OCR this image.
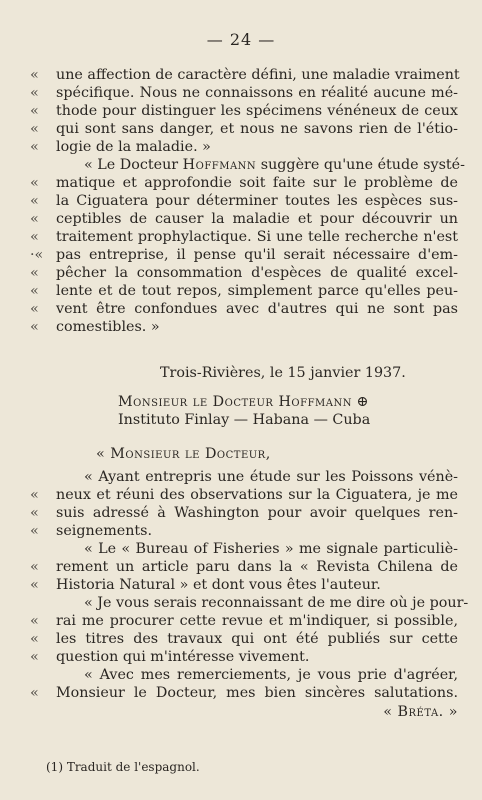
— 24 —
«	une affection de caractère défini, une maladie vraiment
«	spécifique. Nous ne connaissons en réalité aucune mé-
«	thode pour distinguer les spécimens vénéneux de ceux
«	qui sont sans danger, et nous ne savons rien de l'étio-
«	logie de la maladie. »
« Le Docteur Hoffmann suggère qu'une étude systé-
«	matique et approfondie soit faite sur le problème de
«	la Ciguatera pour déterminer toutes les espèces sus-
«	ceptibles de causer la maladie et pour découvrir un
«	traitement prophylactique. Si une telle recherche n'est
·« pas entreprise, il pense qu'il serait nécessaire d'em-
«	pêcher la consommation d'espèces de qualité excel-
«	lente et de tout repos, simplement parce qu'elles peu-
«	vent être confondues avec d'autres qui ne sont pas
«	comestibles. »
Trois-Rivières, le 15 janvier 1937.
Monsieur le Docteur Hoffmann ⊕
Instituto Finlay — Habana — Cuba
« Monsieur le Docteur,
« Ayant entrepris une étude sur les Poissons vénè-
«	neux et réuni des observations sur la Ciguatera, je me
«	suis adressé à Washington pour avoir quelques ren-
«	seignements.
« Le « Bureau of Fisheries » me signale particuliè-
«	rement un article paru dans la « Revista Chilena de
«	Historia Natural » et dont vous êtes l'auteur.
« Je vous serais reconnaissant de me dire où je pour-
«	rai me procurer cette revue et m'indiquer, si possible,
«	les titres des travaux qui ont été publiés sur cette
«	question qui m'intéresse vivement.
« Avec mes remerciements, je vous prie d'agréer,
«	Monsieur le Docteur, mes bien sincères salutations.
« Bréta. »
(1) Traduit de l'espagnol.
